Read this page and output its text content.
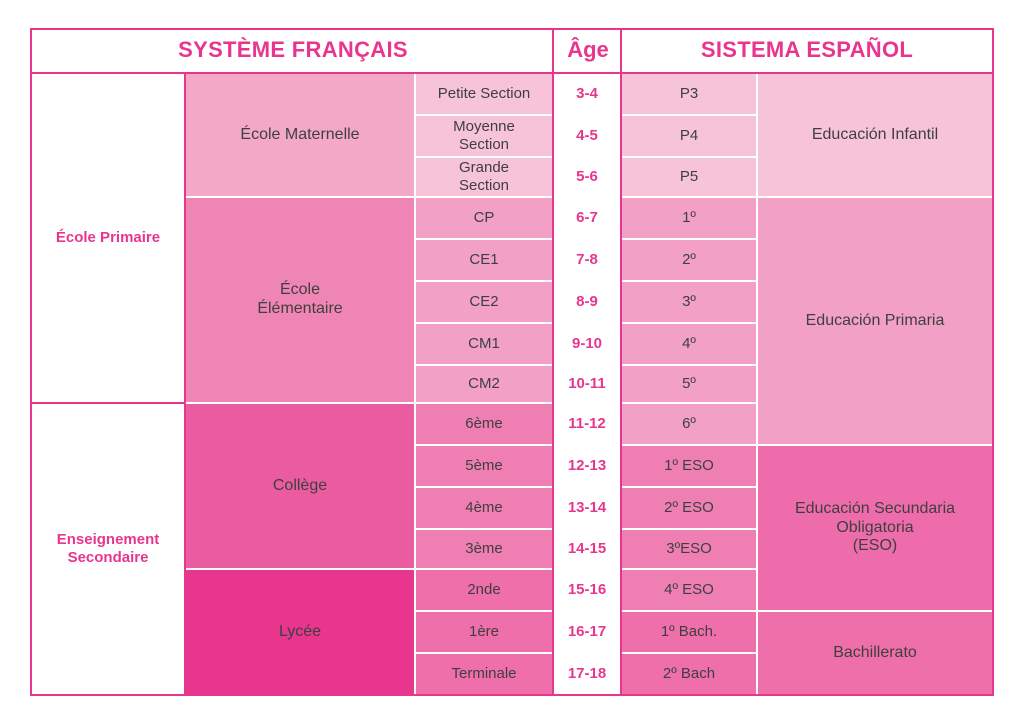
SYSTÈME FRANÇAIS	Âge	SISTEMA ESPAÑOL
École Primaire
Enseignement
Secondaire
École Maternelle
École
Élémentaire
Collège
Lycée
Petite Section
Moyenne
Section
Grande
Section
CP
CE1
CE2
CM1
CM2
6ème
5ème
4ème
3ème
2nde
1ère
Terminale
3-4
4-5
5-6
6-7
7-8
8-9
9-10
10-11
11-12
12-13
13-14
14-15
15-16
16-17
17-18
P3
P4
P5
1º
2º
3º
4º
5º
6º
1º ESO
2º ESO
3ºESO
4º ESO
1º Bach.
2º Bach
Educación Infantil
Educación Primaria
Educación Secundaria
Obligatoria
(ESO)
Bachillerato
